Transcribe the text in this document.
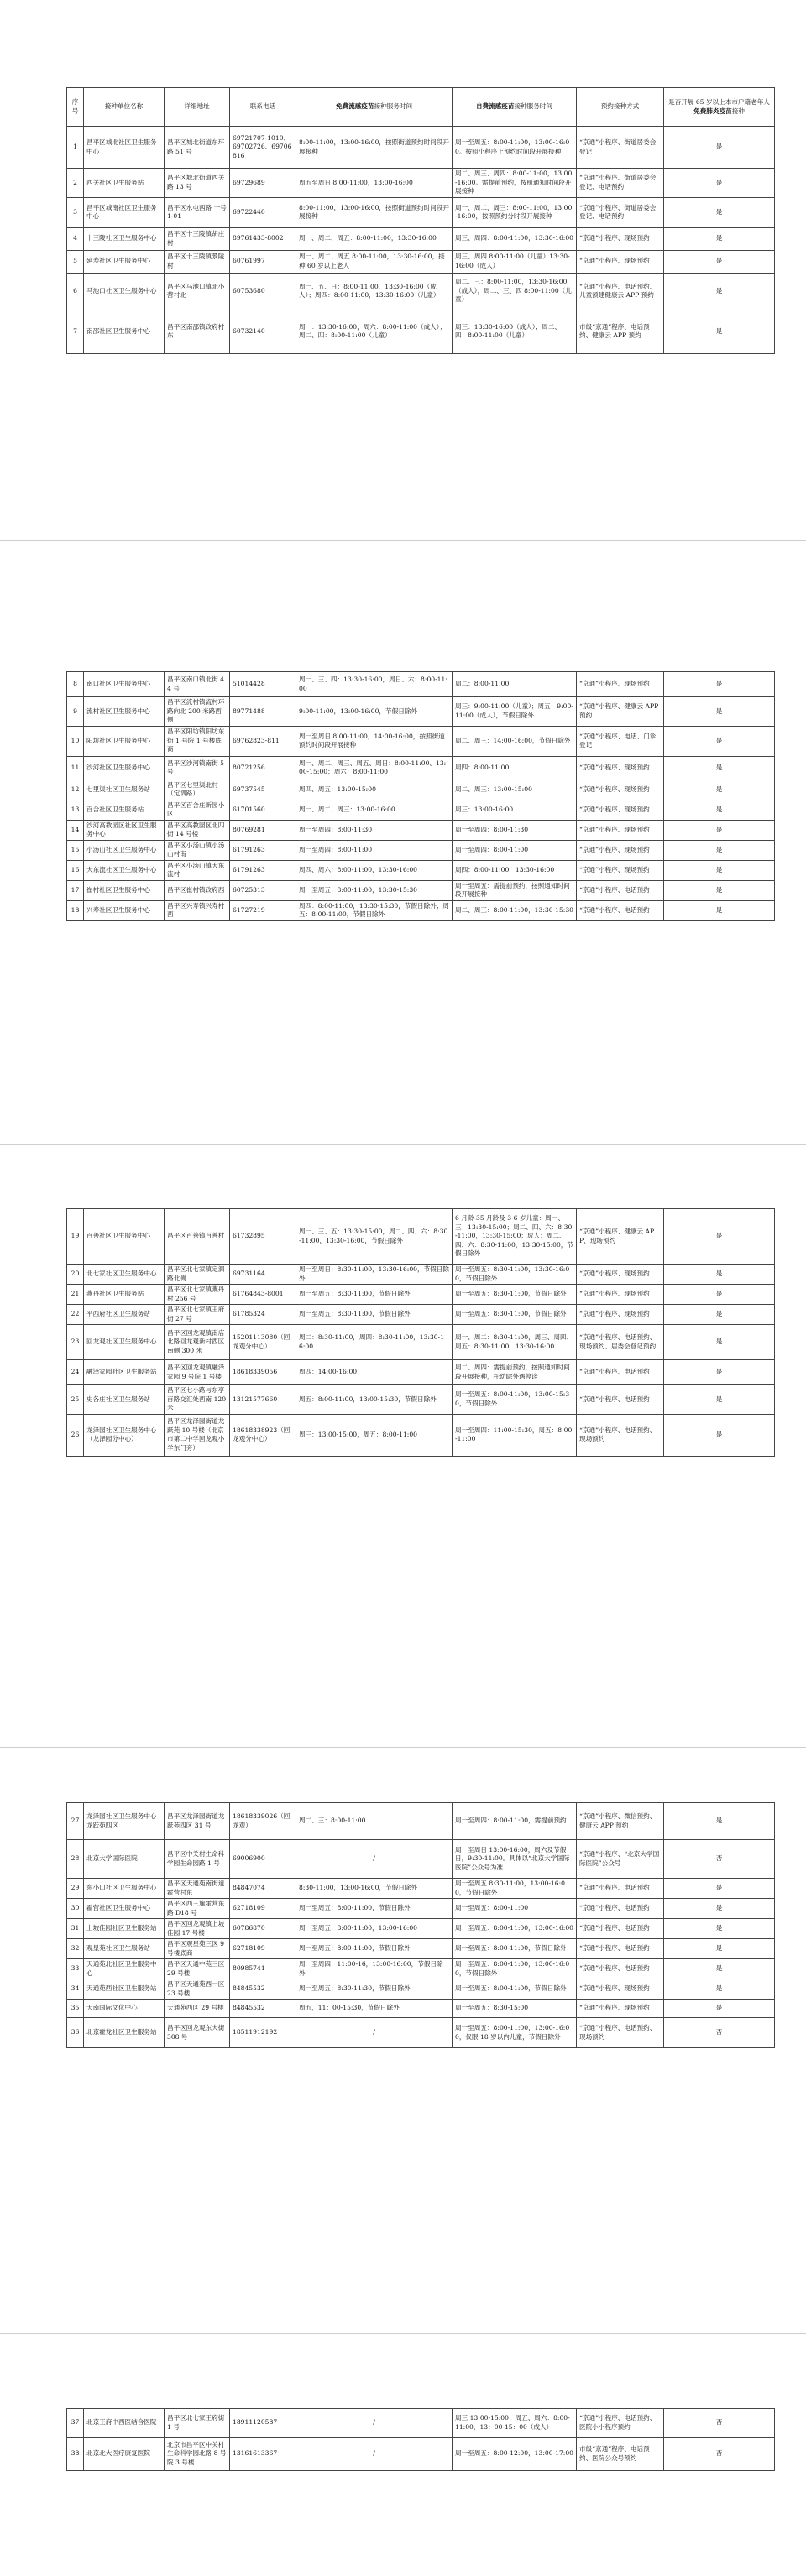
序号	接种单位名称	详细地址	联系电话	免费流感疫苗接种服务时间	自费流感疫苗接种服务时间	预约接种方式	是否开展 65 岁以上本市户籍老年人免费肺炎疫苗接种
1	昌平区城北社区卫生服务中心	昌平区城北街道东环路 51 号	69721707-1010、69702726、69706816	8:00-11:00，13:00-16:00，按照街道预约时间段开展接种	周一至周五：8:00-11:00，13:00-16:00。按照小程序上预约时间段开展接种	“京通”小程序、街道居委会登记	是
2	西关社区卫生服务站	昌平区城北街道西关路 13 号	69729689	周五至周日 8:00-11:00，13:00-16:00	周二、周三、周四：8:00-11:00，13:00-16:00。需提前预约，按照通知时间段开展接种	“京通”小程序、街道居委会登记、电话预约	是
3	昌平区城南社区卫生服务中心	昌平区水屯西路 一号 1-01	69722440	8:00-11:00，13:00-16:00，按照街道预约时间段开展接种	周一、周二、周三：8:00-11:00，13:00-16:00，按照预约分时段开展接种	“京通”小程序、街道居委会登记、电话预约	是
4	十三陵社区卫生服务中心	昌平区十三陵镇胡庄村	89761433-8002	周一、周二、周五：8:00-11:00，13:30-16:00	周三、周四：8:00-11:00，13:30-16:00	“京通”小程序、现场预约	是
5	延寿社区卫生服务中心	昌平区十三陵镇景陵村	60761997	周一、周二、周五 8:00-11:00，13:30-16:00，接种 60 岁以上老人	周三、周四 8:00-11:00（儿童）13:30-16:00（成人）	“京通”小程序、现场预约	是
6	马池口社区卫生服务中心	昌平区马池口镇北小营村北	60753680	周一、五、日：8:00-11:00，13:30-16:00（成人）；周四：8:00-11:00，13:30-16:00（儿童）	周二、三：8:00-11:00，13:30-16:00（成人），周二、三、四 8:00-11:00（儿童）	“京通”小程序、电话预约、儿童预建健康云 APP 预约	是
7	南邵社区卫生服务中心	昌平区南邵镇政府村东	60732140	周一：13:30-16:00，周六：8:00-11:00（成人）；周二、四：8:00-11:00（儿童）	周三：13:30-16:00（成人）；周二、四：8:00-11:00（儿童）	市级“京通”程序、电话预约、健康云 APP 预约	是
8	南口社区卫生服务中心	昌平区南口镇北街 44 号	51014428	周一、三、四：13:30-16:00，周日、六：8:00-11:00	周二：8:00-11:00	“京通”小程序、现场预约	是
9	流村社区卫生服务中心	昌平区流村镇流村环路向北 200 米路西侧	89771488	9:00-11:00，13:00-16:00，节假日除外	周三：9:00-11:00（儿童）；周五：9:00-11:00（成人），节假日除外	“京通”小程序、健康云 APP 预约	是
10	阳坊社区卫生服务中心	昌平区阳坊镇阳坊东街 1 号院 1 号楼底商	69762823-811	周一至周日 8:00-11:00，14:00-16:00，按照街道预约时间段开展接种	周二、周三：14:00-16:00，节假日除外	“京通”小程序、电话、门诊登记	是
11	沙河社区卫生服务中心	昌平区沙河镇南街 5 号	80721256	周一、周二、周三、周五、周日：8:00-11:00、13:00-15:00；周六：8:00-11:00	周四：8:00-11:00	“京通”小程序、现场预约	是
12	七里渠社区卫生服务站	昌平区七里渠北村（定泗路）	69737545	周四、周五：13:00-15:00	周二、周三：13:00-15:00	“京通”小程序、现场预约	是
13	百合社区卫生服务站	昌平区百合庄新园小区	61701560	周一、周二、周三：13:00-16:00	周三：13:00-16:00	“京通”小程序、现场预约	是
14	沙河高教园区社区卫生服务中心	昌平区高教园区北四街 14 号楼	80769281	周一至周四：8:00-11:30	周一至周四：8:00-11:30	“京通”小程序、现场预约	是
15	小汤山社区卫生服务中心	昌平区小汤山镇小汤山村南	61791263	周一至周四：8:00-11:00	周一至周四：8:00-11:00	“京通”小程序、现场预约	是
16	大东流社区卫生服务中心	昌平区小汤山镇大东流村	61791263	周四、周六：8:00-11:00，13:30-16:00	周四：8:00-11:00，13:30-16:00	“京通”小程序、现场预约	是
17	崔村社区卫生服务中心	昌平区崔村镇政府西	60725313	周一至周五：8:00-11:00，13:30-15:30	周一至周五：需提前预约，按照通知时间段开展接种	“京通”小程序、电话预约	是
18	兴寿社区卫生服务中心	昌平区兴寿镇兴寿村西	61727219	周四：8:00-11:00，13:30-15:30，节假日除外；周五：8:00-11:00，节假日除外	周二、周三：8:00-11:00，13:30-15:30	“京通”小程序、电话预约	是
19	百善社区卫生服务中心	昌平区百善镇百善村	61732895	周一、三、五：13:30-15:00，周二、四、六：8:30-11:00，13:30-16:00，节假日除外	6 月龄-35 月龄及 3-6 岁儿童：周一、三：13:30-15:00；周二、四、六：8:30-11:00，13:30-15:00；成人：周二、四、六：8:30-11:00，13:30-15:00，节假日除外	“京通”小程序、健康云 APP、现场预约	是
20	北七家社区卫生服务中心	昌平区北七家镇定泗路北侧	69731164	周一至周日：8:30-11:00，13:30-16:00，节假日除外	周一至周五：8:30-11:00，13:30-16:00，节假日除外	“京通”小程序、现场预约	是
21	燕丹社区卫生服务站	昌平区北七家镇燕丹村 256 号	61764843-8001	周一至周五：8:30-11:00，节假日除外	周一至周五：8:30-11:00，节假日除外	“京通”小程序、现场预约	是
22	平西府社区卫生服务站	昌平区北七家镇王府街 27 号	61785324	周一至周五：8:30-11:00，节假日除外	周一至周五：8:30-11:00，节假日除外	“京通”小程序、现场预约	是
23	回龙观社区卫生服务中心	昌平区回龙观镇南店北路回龙观新村西区南侧 300 米	15201113080（回龙观分中心）	周二：8:30-11:00，周四：8:30-11:00，13:30-16:00	周一、周二：8:30-11:00，周三、周四、周五：8:30-11:00，13:30-16:00	“京通”小程序、电话预约、现场预约、居委会登记预约	是
24	融泽家园社区卫生服务站	昌平区回龙观镇融泽家园 9 号院 1 号楼	18618339056	周四：14:00-16:00	周二、周四：需提前预约，按照通知时间段开展接种，托幼除外遇停诊	“京通”小程序、电话预约	是
25	史各庄社区卫生服务站	昌平区七小路与东亭百路交汇处西南 120 米	13121577660	周五：8:00-11:00，13:00-15:30，节假日除外	周一至周五：8:00-11:00，13:00-15:30，节假日除外	“京通”小程序、电话预约	是
26	龙泽园社区卫生服务中心（龙泽园分中心）	昌平区龙泽园街道龙跃苑 10 号楼（北京市第二中学回龙观小学东门旁）	18618338923（回龙观分中心）	周三：13:00-15:00，周五：8:00-11:00	周一至周四：11:00-15:30，周五：8:00-11:00	“京通”小程序、电话预约、现场预约	是
27	龙泽园社区卫生服务中心龙跃苑四区	昌平区龙泽园街道龙跃苑四区 31 号	18618339026（回龙观）	周二、三：8:00-11:00	周一至周四：8:00-11:00，需提前预约	“京通”小程序、微信预约、健康云 APP 预约	是
28	北京大学国际医院	昌平区中关村生命科学园生命园路 1 号	69006900	/	周一至周日 13:00-16:00，周六及节假日，9:30-11:00。具体以“北京大学国际医院”公众号为准	“京通”小程序、“北京大学国际医院”公众号	否
29	东小口社区卫生服务中心	昌平区天通苑南街道霍营村东	84847074	8:30-11:00，13:00-16:00，节假日除外	周一至周五 8:30-11:00，13:00-16:00，节假日除外	“京通”小程序、电话预约	是
30	霍营社区卫生服务中心	昌平区西三旗霍营东路 D18 号	62718109	周一至周五：8:00-11:00，节假日除外	周一至周五：8:00-11:00	“京通”小程序、电话预约	是
31	上坡佳园社区卫生服务站	昌平区回龙观镇上坡佳园 17 号楼	60786870	周一至周五：8:00-11:00，13:00-16:00	周一至周五：8:00-11:00，13:00-16:00	“京通”小程序、电话预约	是
32	观星苑社区卫生服务站	昌平区观星苑三区 9 号楼底商	62718109	周一至周五：8:00-11:00，节假日除外	周一至周五：8:00-11:00，节假日除外	“京通”小程序、电话预约	是
33	天通苑北社区卫生服务中心	昌平区天通中苑三区 29 号楼	80985741	周一至周四：11:00-16，13:00-16:00，节假日除外	周一至周五：8:00-11:00，13:00-16:00，节假日除外	“京通”小程序、电话预约	是
34	天通苑西社区卫生服务站	昌平区天通苑西一区 23 号楼	84845532	周一至周五：8:30-11:30，节假日除外	周一至周五：8:00-11:00，节假日除外	“京通”小程序、现场预约	是
35	天南国际文化中心	天通苑西区 29 号楼	84845532	周五，11：00-15:30，节假日除外	周一至周五：8:30-15:00	“京通”小程序、现场预约	是
36	北京霍龙社区卫生服务站	昌平区回龙观东大街 308 号	18511912192	/	周一至周五：8:00-11:00，13:00-16:00，仅限 18 岁以内儿童，节假日除外	“京通”小程序、电话预约、现场预约	否
37	北京王府中西医结合医院	昌平区北七家王府街 1 号	18911120587	/	周三 13:00-15:00；周五、周六：8:00-11:00，13：00-15：00（成人）	“京通”小程序、电话预约、医院小小程序预约	否
38	北京北大医疗康复医院	北京市昌平区中关村生命科学园北路 8 号院 3 号楼	13161613367	/	周一至周五：8:00-12:00，13:00-17:00	市级“京通”程序、电话预约、医院公众号预约	否
